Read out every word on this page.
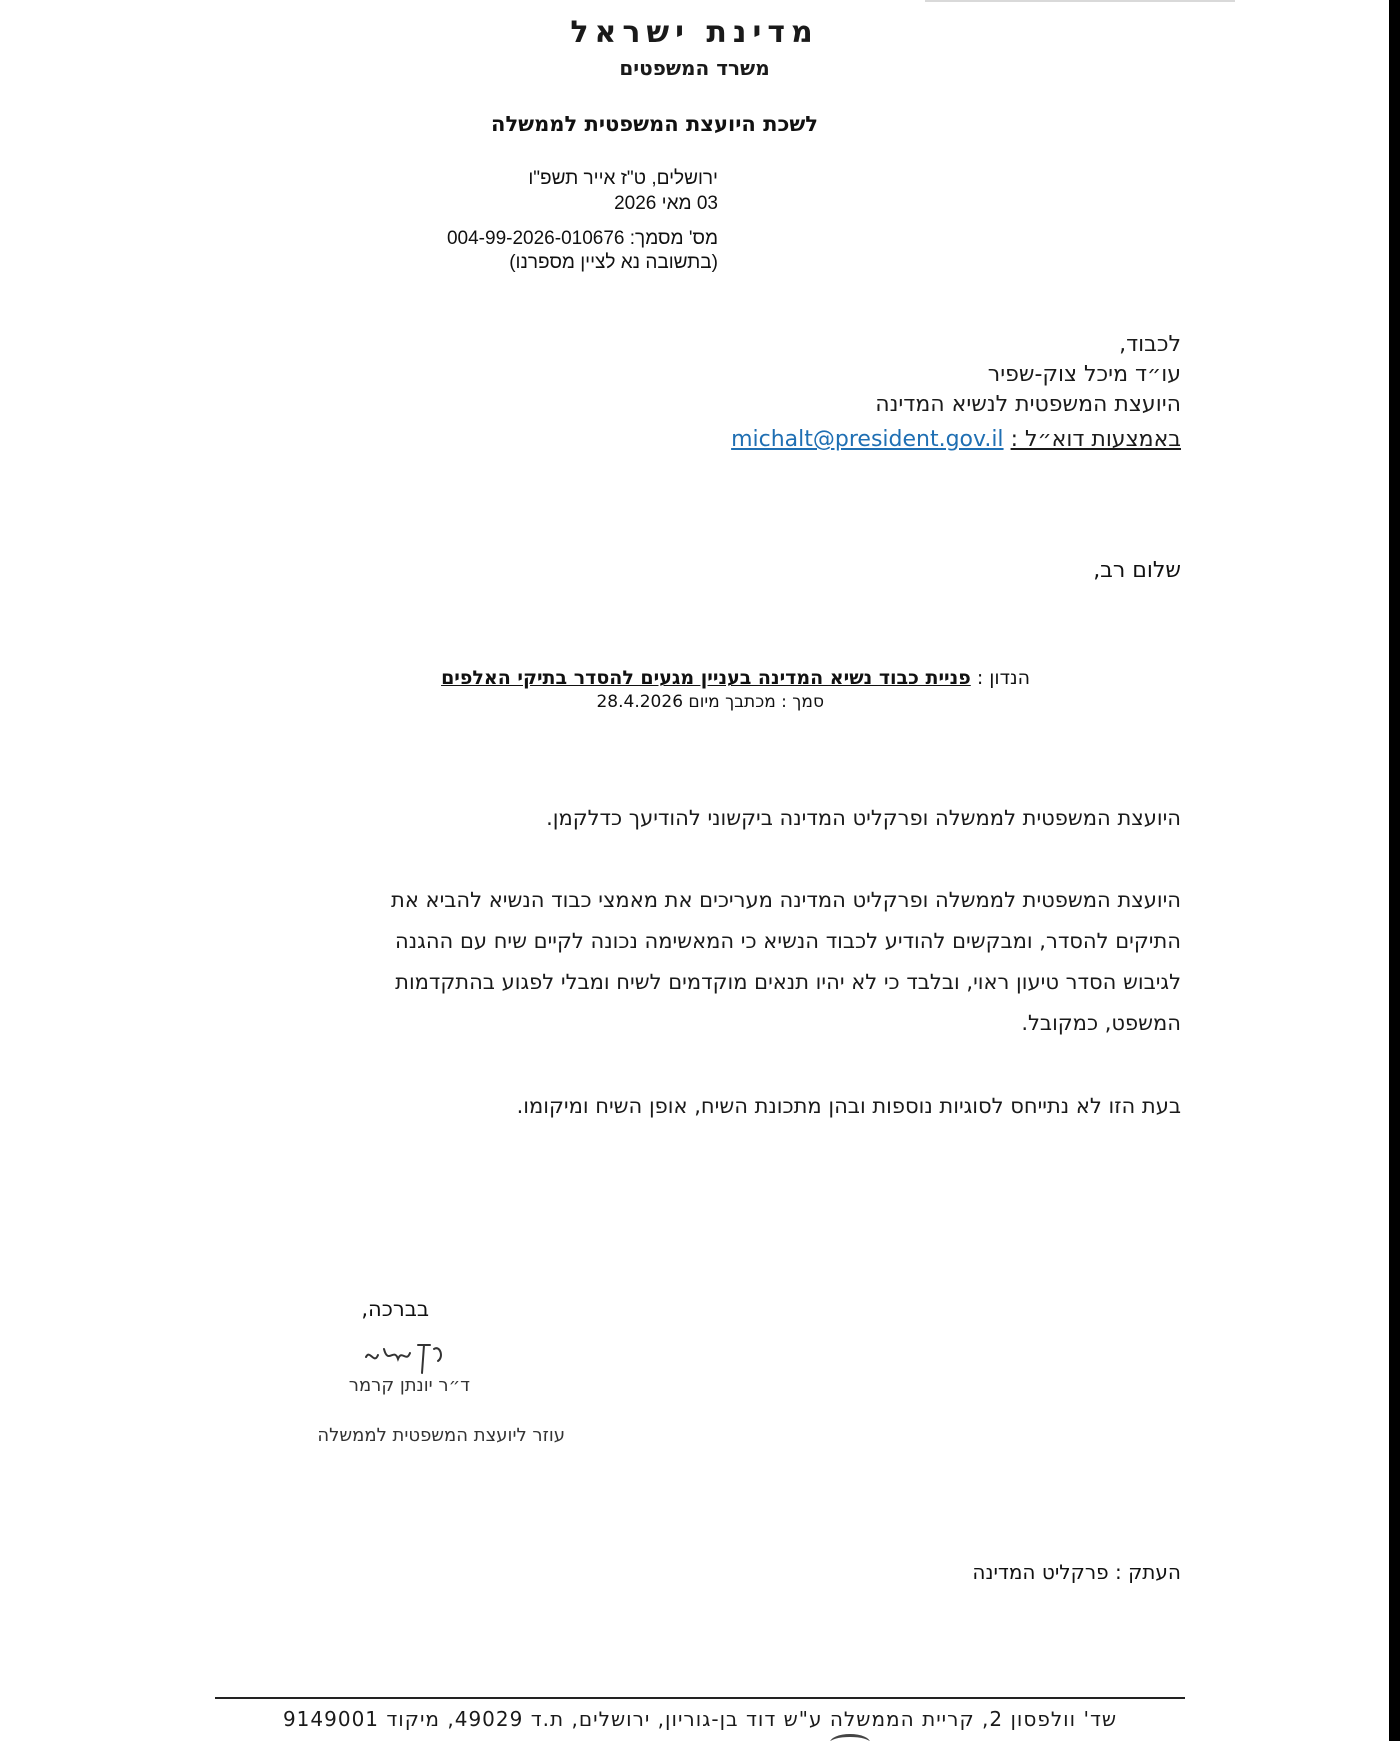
מדינת ישראל
משרד המשפטים
לשכת היועצת המשפטית לממשלה
ירושלים, ט"ז אייר תשפ"ו
03 מאי 2026
מס' מסמך: 004-99-2026-010676
(בתשובה נא לציין מספרנו)
לכבוד,
עו״ד מיכל צוק-שפיר
היועצת המשפטית לנשיא המדינה
באמצעות דוא״ל : michalt@president.gov.il
שלום רב,
הנדון : פניית כבוד נשיא המדינה בעניין מגעים להסדר בתיקי האלפים
סמך : מכתבך מיום 28.4.2026
היועצת המשפטית לממשלה ופרקליט המדינה ביקשוני להודיעך כדלקמן.
היועצת המשפטית לממשלה ופרקליט המדינה מעריכים את מאמצי כבוד הנשיא להביא את
התיקים להסדר, ומבקשים להודיע לכבוד הנשיא כי המאשימה נכונה לקיים שיח עם ההגנה
לגיבוש הסדר טיעון ראוי, ובלבד כי לא יהיו תנאים מוקדמים לשיח ומבלי לפגוע בהתקדמות
המשפט, כמקובל.
בעת הזו לא נתייחס לסוגיות נוספות ובהן מתכונת השיח, אופן השיח ומיקומו.
בברכה,
ד״ר יונתן קרמר
עוזר ליועצת המשפטית לממשלה
העתק : פרקליט המדינה
שד' וולפסון 2, קריית הממשלה ע"ש דוד בן-גוריון, ירושלים, ת.ד 49029, מיקוד 9149001
